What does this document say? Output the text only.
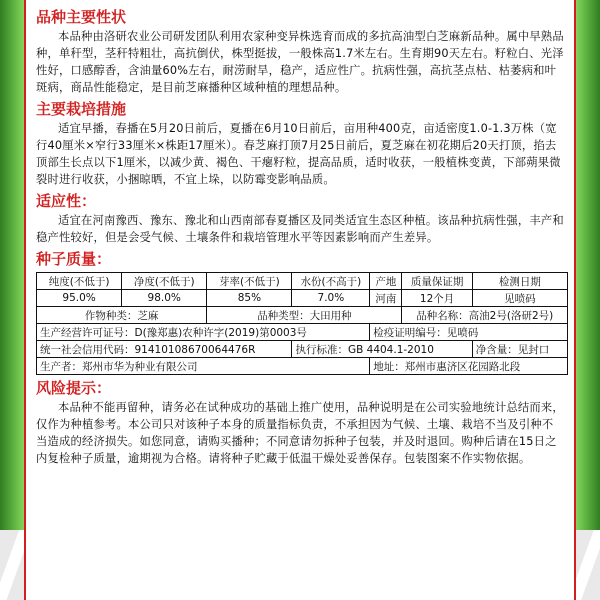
品种主要性状

本品种由洛研农业公司研发团队利用农家种变异株选育而成的多抗高油型白芝麻新品种。属中早熟品种，单秆型，茎秆特粗壮，高抗倒伏，株型挺拔，一般株高1.7米左右。生育期90天左右。籽粒白、光泽性好，口感醇香，含油量60%左右，耐涝耐旱，稳产，适应性广。抗病性强，高抗茎点枯、枯萎病和叶斑病，商品性能稳定，是目前芝麻播种区域种植的理想品种。

主要栽培措施

适宜早播，春播在5月20日前后，夏播在6月10日前后，亩用种400克，亩适密度1.0-1.3万株（宽行40厘米×窄行33厘米×株距17厘米）。春芝麻打顶7月25日前后，夏芝麻在初花期后20天打顶，掐去顶部生长点以下1厘米，以减少黄、褐色、干瘪籽粒，提高品质，适时收获，一般植株变黄，下部蒴果微裂时进行收获，小捆晾晒，不宜上垛，以防霉变影响品质。

适应性：

适宜在河南豫西、豫东、豫北和山西南部春夏播区及同类适宜生态区种植。该品种抗病性强，丰产和稳产性较好，但是会受气候、土壤条件和栽培管理水平等因素影响而产生差异。

种子质量：
纯度(不低于)	净度(不低于)	芽率(不低于)	水份(不高于)	产地	质量保证期	检测日期
95.0%	98.0%	85%	7.0%	河南	12个月	见喷码
作物种类：芝麻		品种类型：大田用种			品种名称：高油2号(洛研2号)	
生产经营许可证号：D(豫郑惠)农种许字(2019)第0003号				检疫证明编号：见喷码		
统一社会信用代码：91410108670064476R			执行标准：GB 4404.1-2010			净含量：见封口
生产者：郑州市华为种业有限公司				地址：郑州市惠济区花园路北段		
风险提示：

本品种不能再留种，请务必在试种成功的基础上推广使用，品种说明是在公司实验地统计总结而来，仅作为种植参考。本公司只对该种子本身的质量指标负责，不承担因为气候、土壤、栽培不当及引种不当造成的经济损失。如您同意，请购买播种；不同意请勿拆种子包装，并及时退回。购种后请在15日之内复检种子质量，逾期视为合格。请将种子贮藏于低温干燥处妥善保存。包装图案不作实物依据。
